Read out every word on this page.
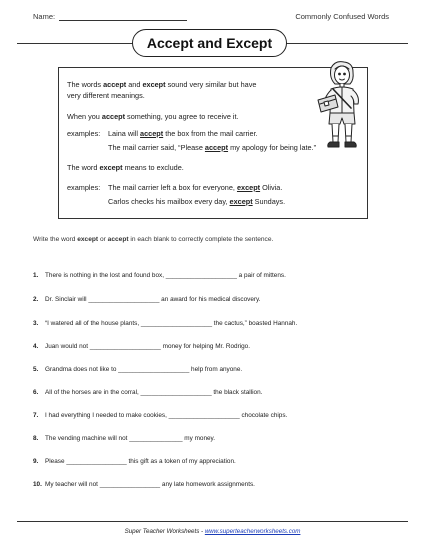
Name:	Commonly Confused Words
Accept and Except
The words accept and except sound very similar but have
very different meanings.
When you accept something, you agree to receive it.
examples: Laina will accept the box from the mail carrier.
The mail carrier said, “Please accept my apology for being late.”
The word except means to exclude.
examples: The mail carrier left a box for everyone, except Olivia.
Carlos checks his mailbox every day, except Sundays.
Write the word except or accept in each blank to correctly complete the sentence.
1. There is nothing in the lost and found box, ____________________ a pair of mittens.
2. Dr. Sinclair will ____________________ an award for his medical discovery.
3. “I watered all of the house plants, ____________________ the cactus,” boasted Hannah.
4. Juan would not ____________________ money for helping Mr. Rodrigo.
5. Grandma does not like to ____________________ help from anyone.
6. All of the horses are in the corral, ____________________ the black stallion.
7. I had everything I needed to make cookies, ____________________ chocolate chips.
8. The vending machine will not _______________ my money.
9. Please _________________ this gift as a token of my appreciation.
10. My teacher will not _________________ any late homework assignments.
Super Teacher Worksheets - www.superteacherworksheets.com
